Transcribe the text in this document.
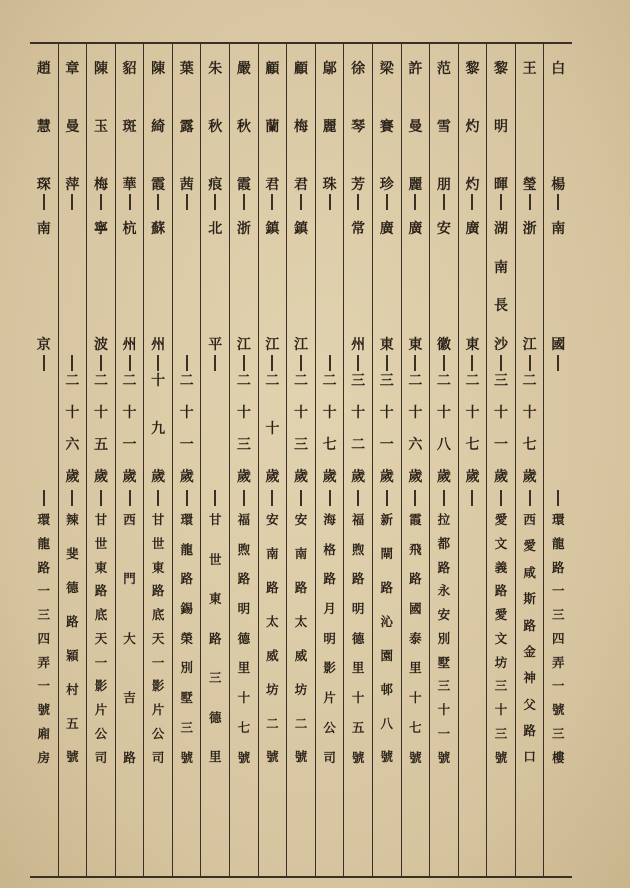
白
楊
南
國
環
龍
路
一
三
四
弄
一
號
三
樓
王
瑩
浙
江
二
十
七
歲
西
愛
咸
斯
路
金
神
父
路
口
黎
明
暉
湖
南
長
沙
三
十
一
歲
愛
文
義
路
愛
文
坊
三
十
三
號
黎
灼
灼
廣
東
二
十
七
歲
范
雪
朋
安
徽
二
十
八
歲
拉
都
路
永
安
別
墅
三
十
一
號
許
曼
麗
廣
東
二
十
六
歲
霞
飛
路
國
泰
里
十
七
號
梁
賽
珍
廣
東
三
十
一
歲
新
閘
路
沁
園
邨
八
號
徐
琴
芳
常
州
三
十
二
歲
福
煦
路
明
德
里
十
五
號
鄔
麗
珠
二
十
七
歲
海
格
路
月
明
影
片
公
司
顧
梅
君
鎮
江
二
十
三
歲
安
南
路
太
威
坊
二
號
顧
蘭
君
鎮
江
二
十
歲
安
南
路
太
威
坊
二
號
嚴
秋
霞
浙
江
二
十
三
歲
福
煦
路
明
德
里
十
七
號
朱
秋
痕
北
平
甘
世
東
路
三
德
里
葉
露
茜
二
十
一
歲
環
龍
路
錫
榮
別
墅
三
號
陳
綺
霞
蘇
州
十
九
歲
甘
世
東
路
底
天
一
影
片
公
司
貂
斑
華
杭
州
二
十
一
歲
西
門
大
吉
路
陳
玉
梅
寧
波
二
十
五
歲
甘
世
東
路
底
天
一
影
片
公
司
章
曼
萍
二
十
六
歲
辣
斐
德
路
穎
村
五
號
趙
慧
琛
南
京
環
龍
路
一
三
四
弄
一
號
廂
房
